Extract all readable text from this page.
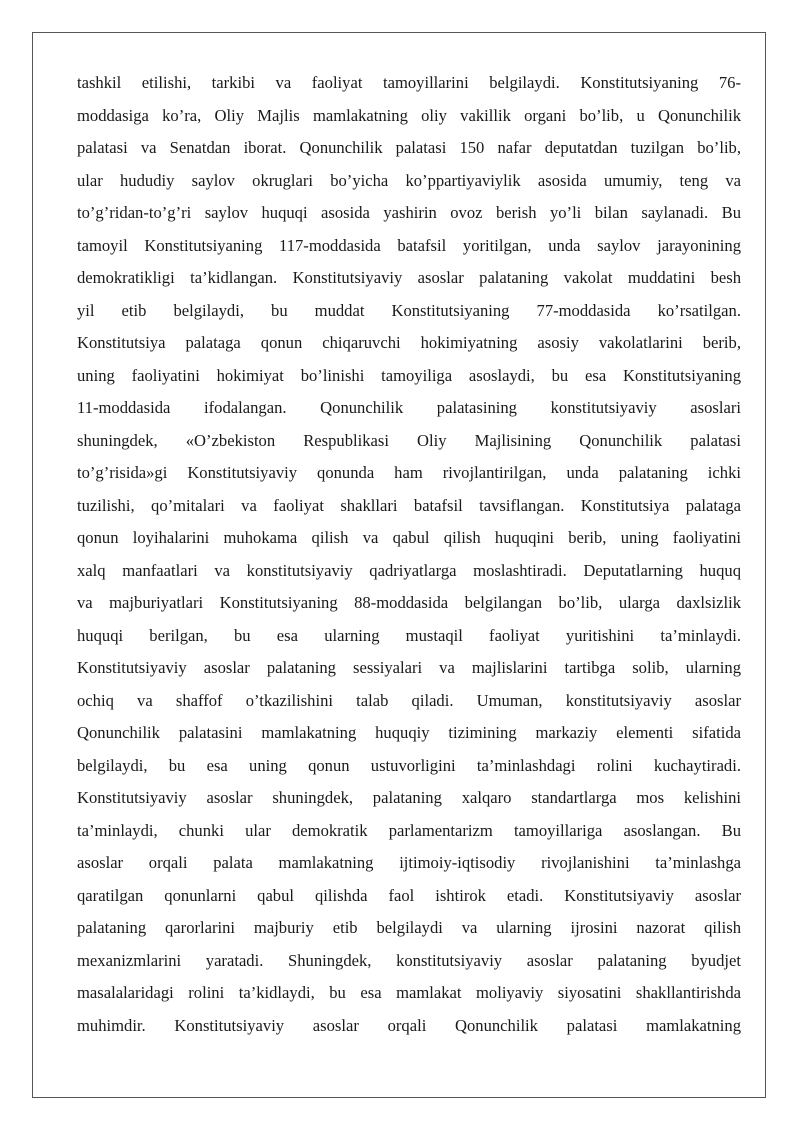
tashkil etilishi, tarkibi va faoliyat tamoyillarini belgilaydi. Konstitutsiyaning 76-
moddasiga ko’ra, Oliy Majlis mamlakatning oliy vakillik organi bo’lib, u Qonunchilik
palatasi va Senatdan iborat. Qonunchilik palatasi 150 nafar deputatdan tuzilgan bo’lib,
ular hududiy saylov okruglari bo’yicha ko’ppartiyaviylik asosida umumiy, teng va
to’g’ridan-to’g’ri saylov huquqi asosida yashirin ovoz berish yo’li bilan saylanadi. Bu
tamoyil Konstitutsiyaning 117-moddasida batafsil yoritilgan, unda saylov jarayonining
demokratikligi ta’kidlangan. Konstitutsiyaviy asoslar palataning vakolat muddatini besh
yil etib belgilaydi, bu muddat Konstitutsiyaning 77-moddasida ko’rsatilgan.
Konstitutsiya palataga qonun chiqaruvchi hokimiyatning asosiy vakolatlarini berib,
uning faoliyatini hokimiyat bo’linishi tamoyiliga asoslaydi, bu esa Konstitutsiyaning
11-moddasida ifodalangan. Qonunchilik palatasining konstitutsiyaviy asoslari
shuningdek, «O’zbekiston Respublikasi Oliy Majlisining Qonunchilik palatasi
to’g’risida»gi Konstitutsiyaviy qonunda ham rivojlantirilgan, unda palataning ichki
tuzilishi, qo’mitalari va faoliyat shakllari batafsil tavsiflangan. Konstitutsiya palataga
qonun loyihalarini muhokama qilish va qabul qilish huquqini berib, uning faoliyatini
xalq manfaatlari va konstitutsiyaviy qadriyatlarga moslashtiradi. Deputatlarning huquq
va majburiyatlari Konstitutsiyaning 88-moddasida belgilangan bo’lib, ularga daxlsizlik
huquqi berilgan, bu esa ularning mustaqil faoliyat yuritishini ta’minlaydi.
Konstitutsiyaviy asoslar palataning sessiyalari va majlislarini tartibga solib, ularning
ochiq va shaffof o’tkazilishini talab qiladi. Umuman, konstitutsiyaviy asoslar
Qonunchilik palatasini mamlakatning huquqiy tizimining markaziy elementi sifatida
belgilaydi, bu esa uning qonun ustuvorligini ta’minlashdagi rolini kuchaytiradi.
Konstitutsiyaviy asoslar shuningdek, palataning xalqaro standartlarga mos kelishini
ta’minlaydi, chunki ular demokratik parlamentarizm tamoyillariga asoslangan. Bu
asoslar orqali palata mamlakatning ijtimoiy-iqtisodiy rivojlanishini ta’minlashga
qaratilgan qonunlarni qabul qilishda faol ishtirok etadi. Konstitutsiyaviy asoslar
palataning qarorlarini majburiy etib belgilaydi va ularning ijrosini nazorat qilish
mexanizmlarini yaratadi. Shuningdek, konstitutsiyaviy asoslar palataning byudjet
masalalaridagi rolini ta’kidlaydi, bu esa mamlakat moliyaviy siyosatini shakllantirishda
muhimdir. Konstitutsiyaviy asoslar orqali Qonunchilik palatasi mamlakatning
